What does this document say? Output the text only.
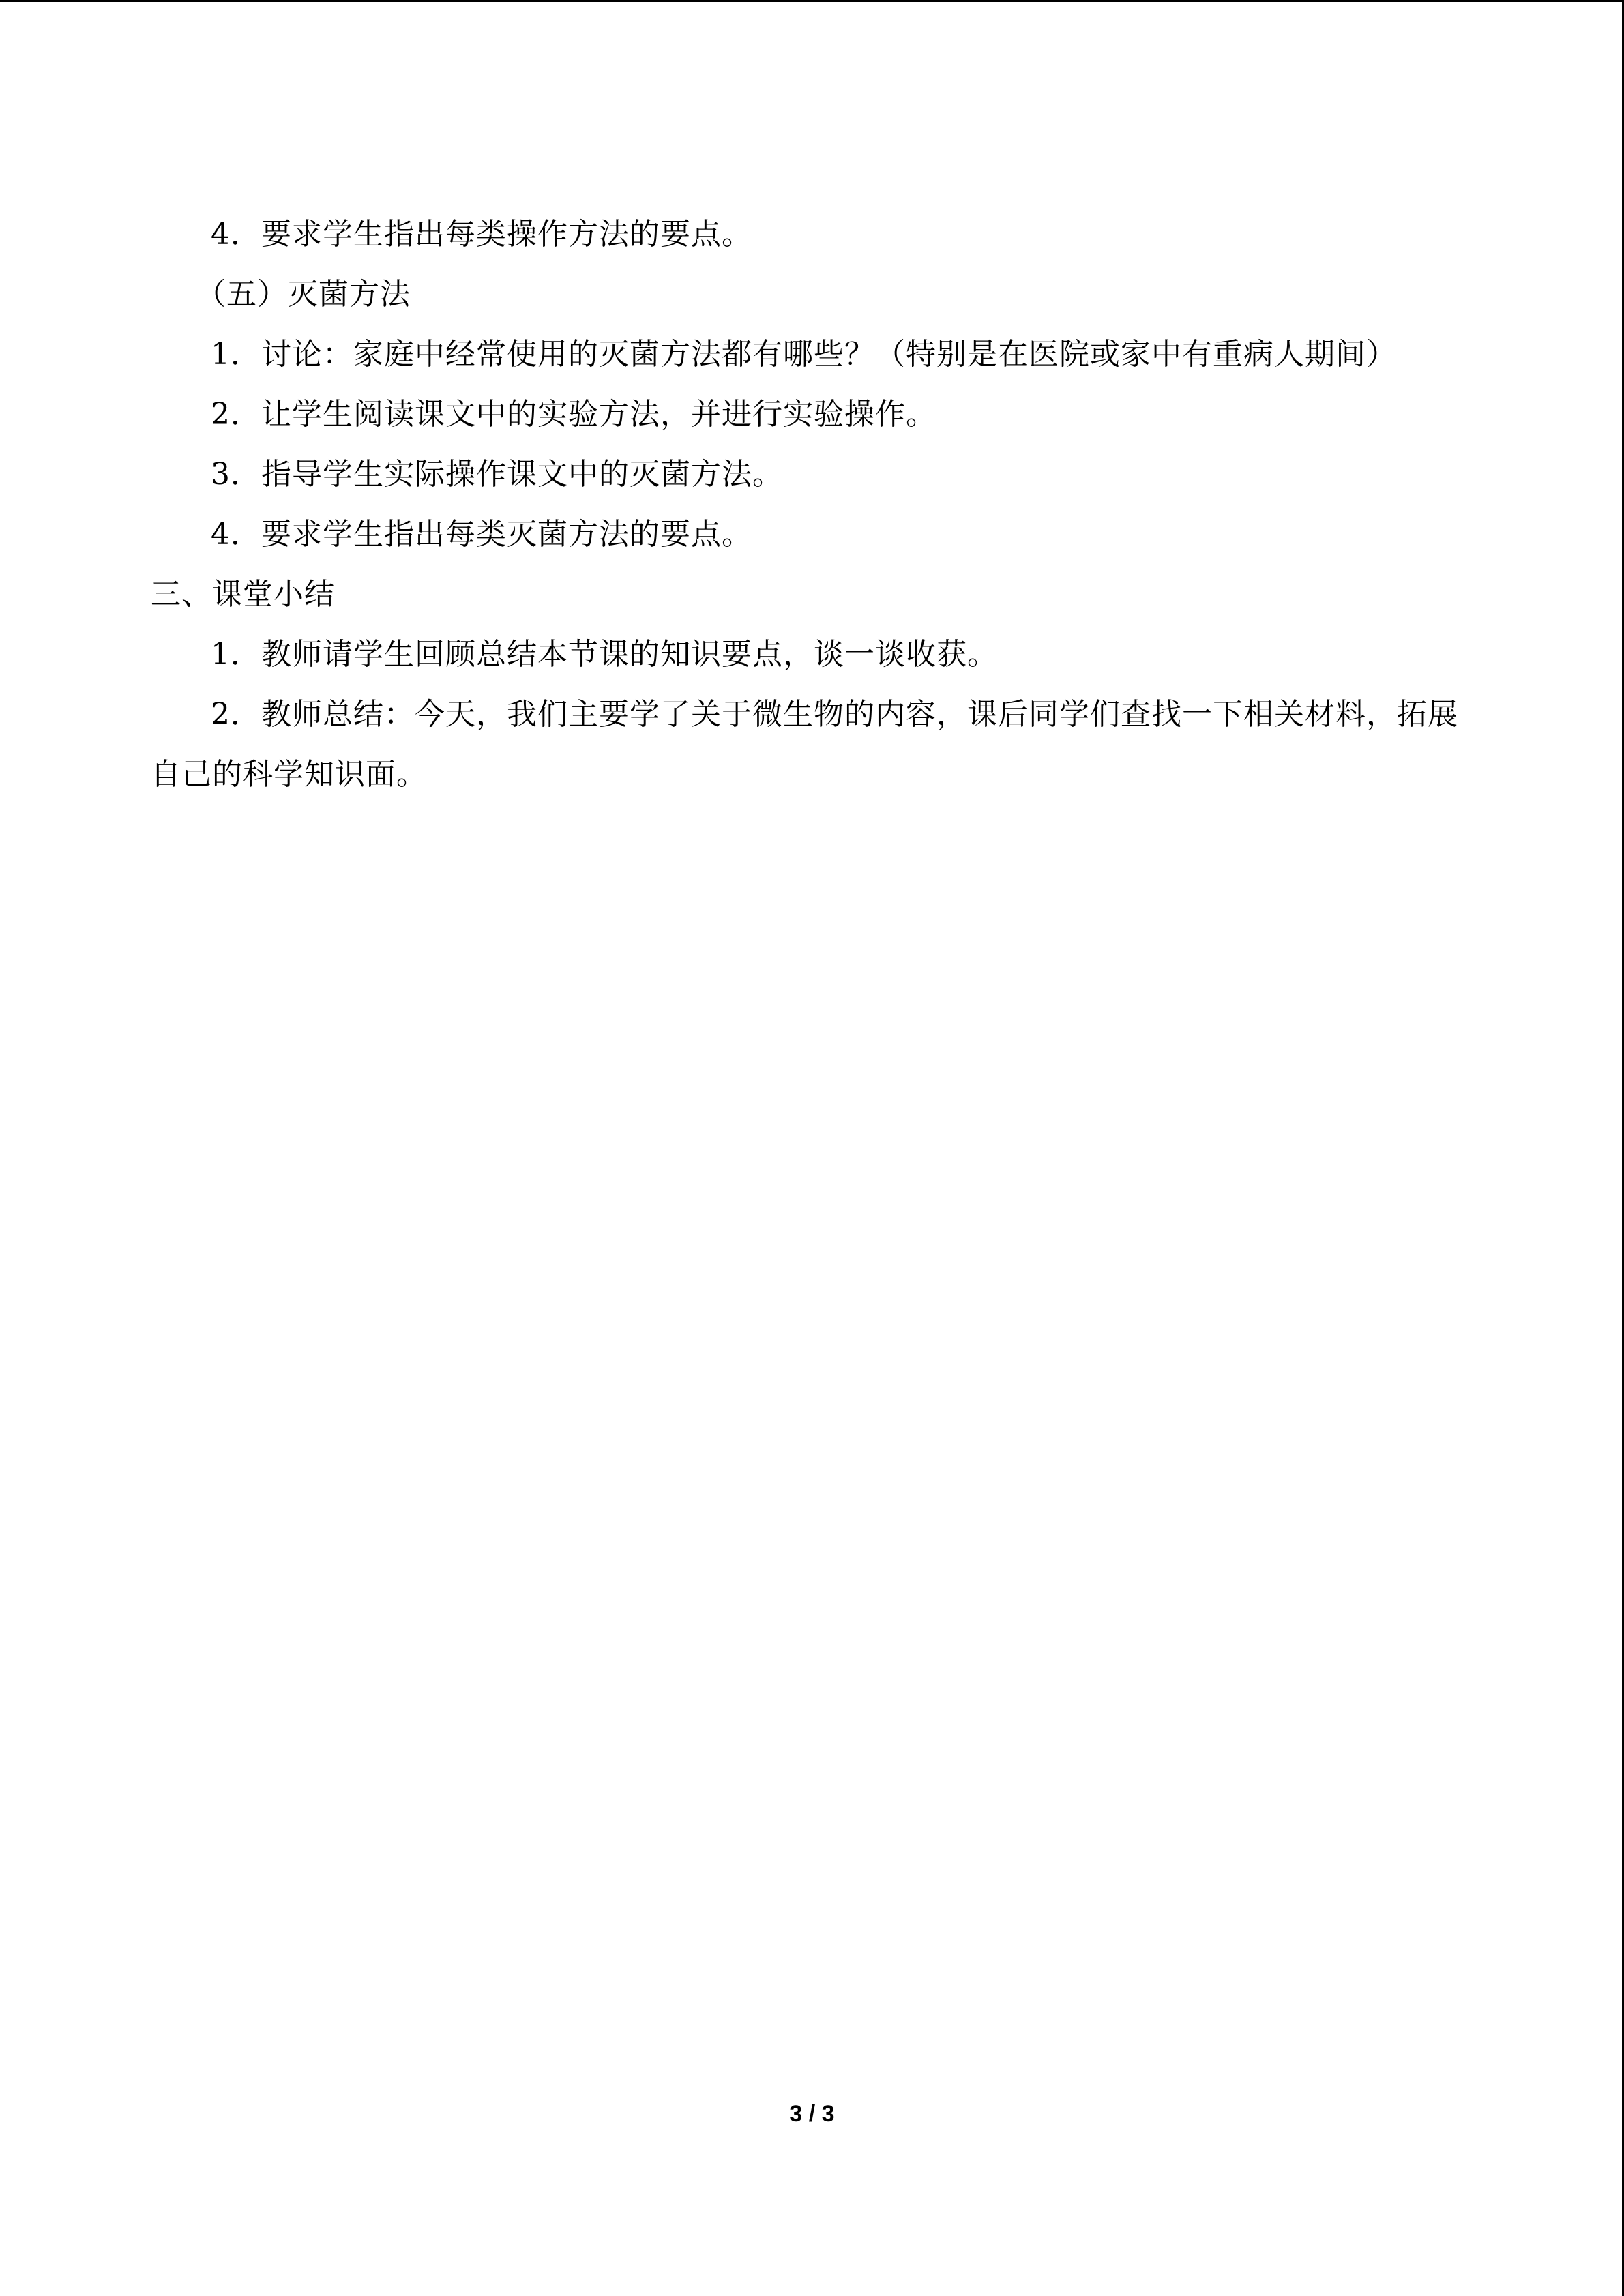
4．要求学生指出每类操作方法的要点。
（五）灭菌方法
1．讨论：家庭中经常使用的灭菌方法都有哪些？（特别是在医院或家中有重病人期间）
2．让学生阅读课文中的实验方法，并进行实验操作。
3．指导学生实际操作课文中的灭菌方法。
4．要求学生指出每类灭菌方法的要点。
三、课堂小结
1．教师请学生回顾总结本节课的知识要点，谈一谈收获。
2．教师总结：今天，我们主要学了关于微生物的内容，课后同学们查找一下相关材料，拓展自己的科学知识面。
3 / 3
